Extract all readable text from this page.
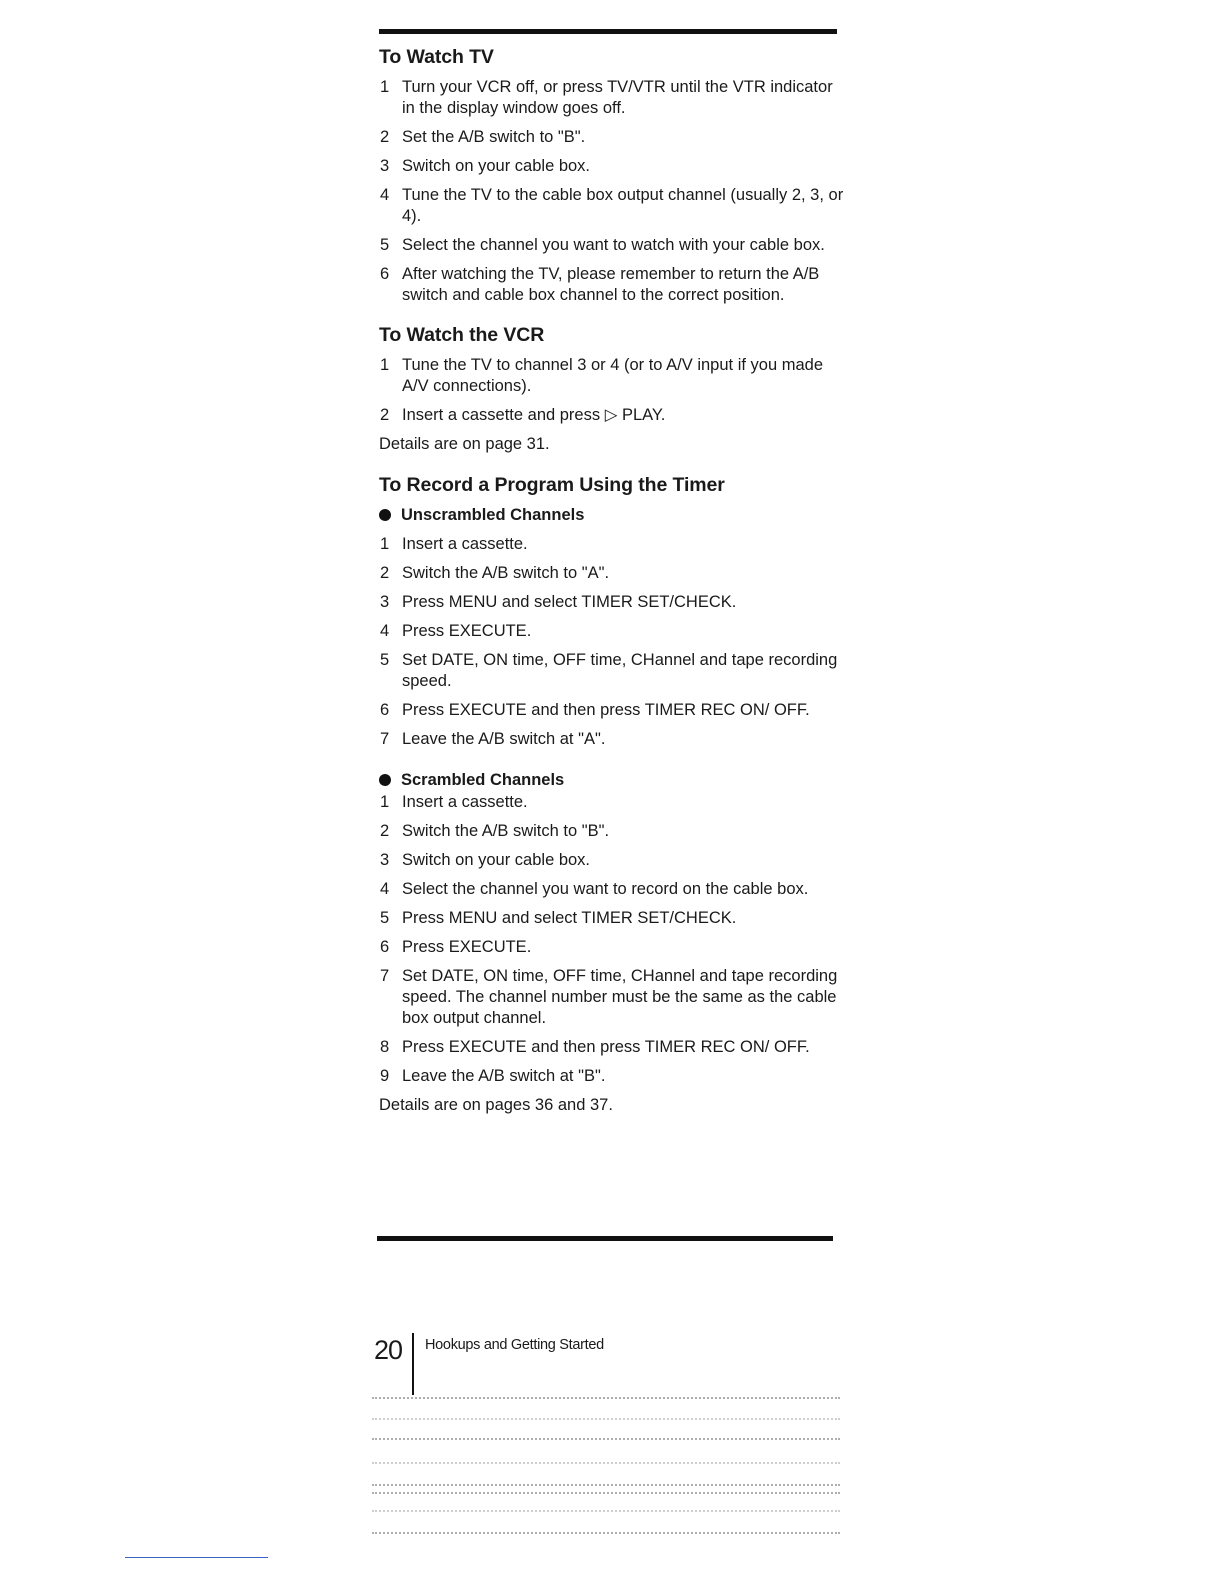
To Watch TV
1 Turn your VCR off, or press TV/VTR until the VTR indicator in the display window goes off.
2 Set the A/B switch to "B".
3 Switch on your cable box.
4 Tune the TV to the cable box output channel (usually 2, 3, or 4).
5 Select the channel you want to watch with your cable box.
6 After watching the TV, please remember to return the A/B switch and cable box channel to the correct position.
To Watch the VCR
1 Tune the TV to channel 3 or 4 (or to A/V input if you made A/V connections).
2 Insert a cassette and press ▷ PLAY.

Details are on page 31.

To Record a Program Using the Timer
Unscrambled Channels
1 Insert a cassette.
2 Switch the A/B switch to "A".
3 Press MENU and select TIMER SET/CHECK.
4 Press EXECUTE.
5 Set DATE, ON time, OFF time, CHannel and tape recording speed.
6 Press EXECUTE and then press TIMER REC ON/ OFF.
7 Leave the A/B switch at "A".
Scrambled Channels
1 Insert a cassette.
2 Switch the A/B switch to "B".
3 Switch on your cable box.
4 Select the channel you want to record on the cable box.
5 Press MENU and select TIMER SET/CHECK.
6 Press EXECUTE.
7 Set DATE, ON time, OFF time, CHannel and tape recording speed. The channel number must be the same as the cable box output channel.
8 Press EXECUTE and then press TIMER REC ON/ OFF.
9 Leave the A/B switch at "B".

Details are on pages 36 and 37.

20 Hookups and Getting Started
